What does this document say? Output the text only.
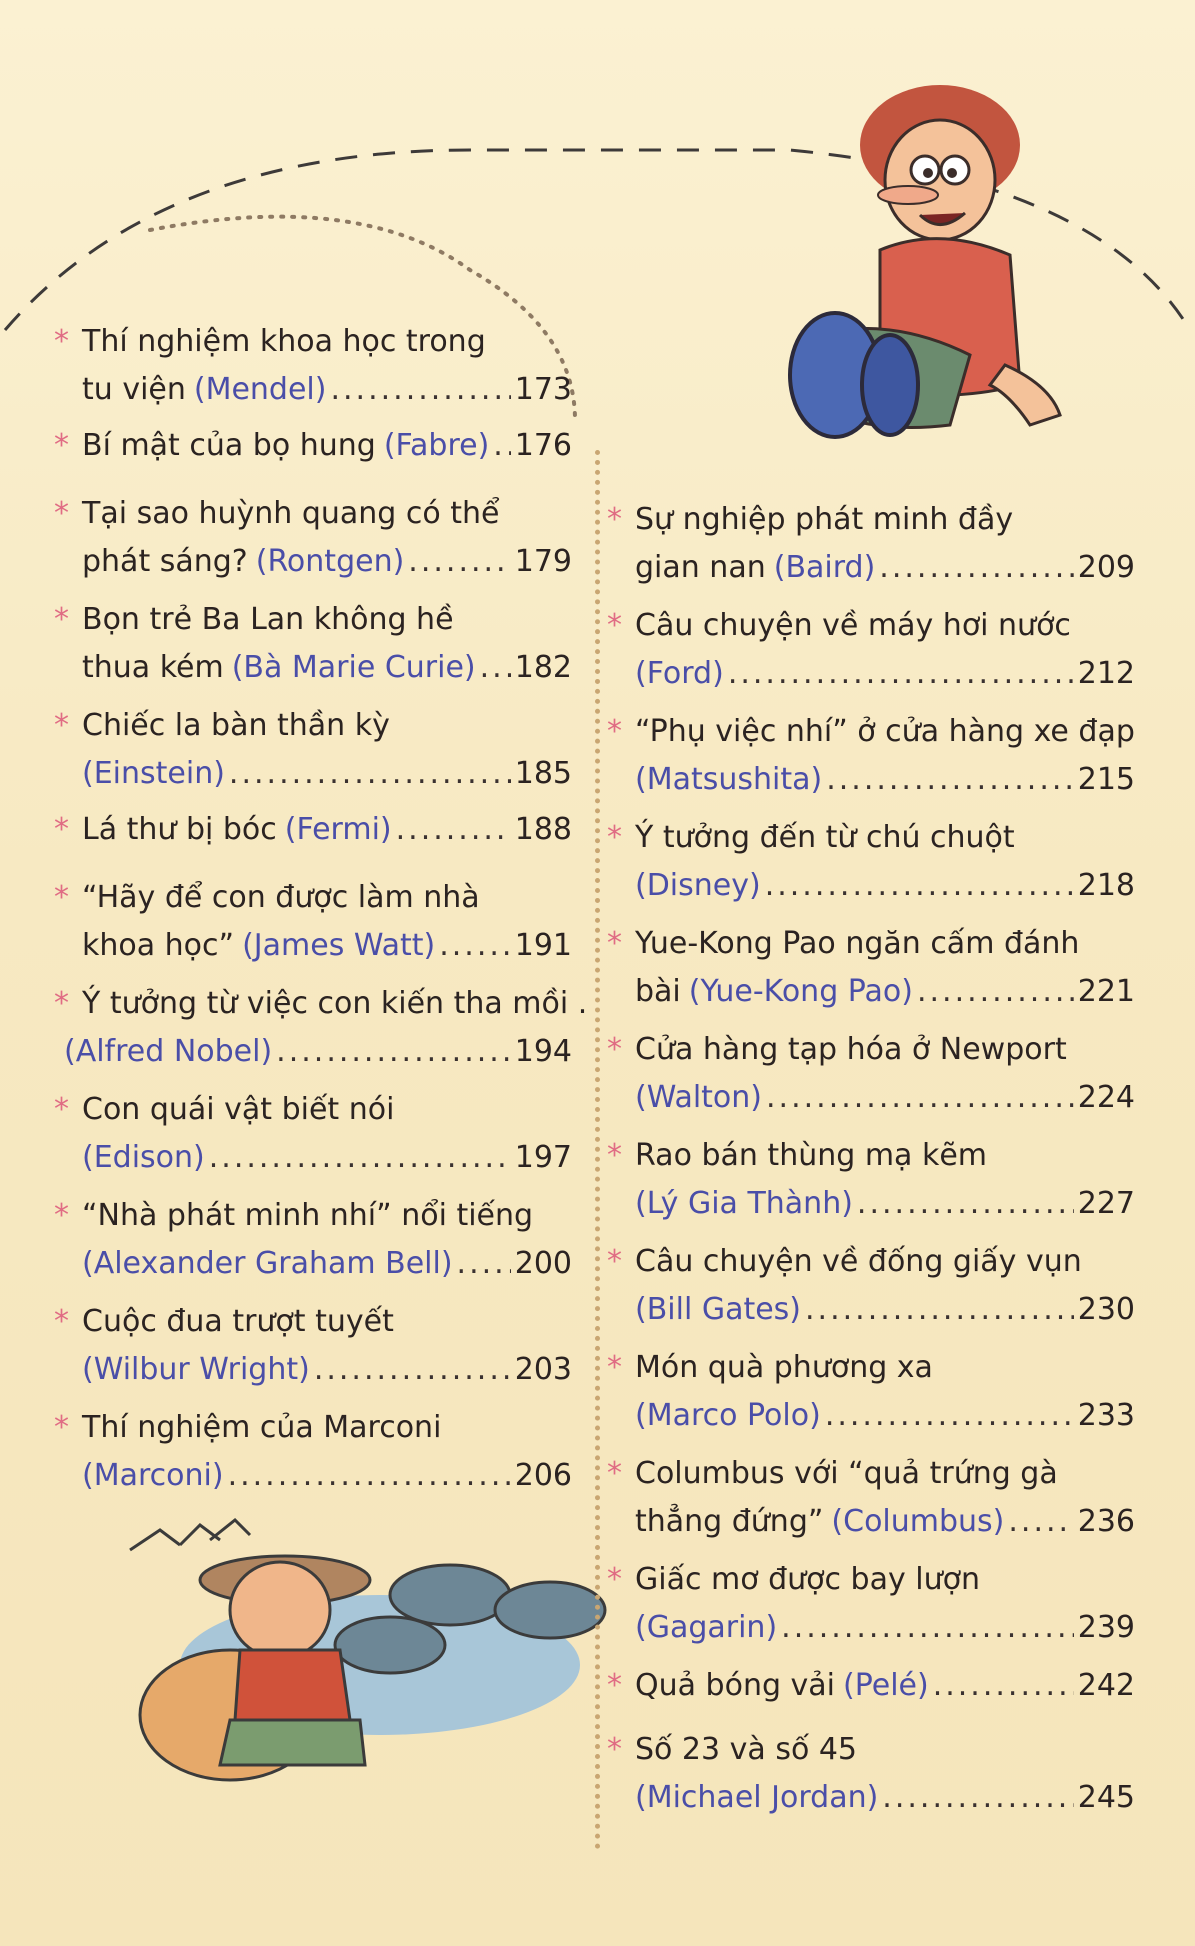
* Thí nghiệm khoa học trong
tu viện (Mendel) .....	173
* Bí mật của bọ hung (Fabre) ..... 176
* Tại sao huỳnh quang có thể
phát sáng? (Rontgen) .....	179
* Bọn trẻ Ba Lan không hề
thua kém (Bà Marie Curie) ..... 182
* Chiếc la bàn thần kỳ
(Einstein) .....	185
* Lá thư bị bóc (Fermi) .....	188
* “Hãy để con được làm nhà
khoa học” (James Watt) .....	191
* Ý tưởng từ việc con kiến tha mồi .
(Alfred Nobel) .....	194
* Con quái vật biết nói
(Edison) .....	197
* “Nhà phát minh nhí” nổi tiếng
(Alexander Graham Bell) ..... 200
* Cuộc đua trượt tuyết
(Wilbur Wright) .....	203
* Thí nghiệm của Marconi
(Marconi) .....	206
* Sự nghiệp phát minh đầy
gian nan (Baird) .....	209
* Câu chuyện về máy hơi nước
(Ford) .....	212
* “Phụ việc nhí” ở cửa hàng xe đạp
(Matsushita) .....	215
* Ý tưởng đến từ chú chuột
(Disney) .....	218
* Yue-Kong Pao ngăn cấm đánh
bài (Yue-Kong Pao) .....	221
* Cửa hàng tạp hóa ở Newport
(Walton) .....	224
* Rao bán thùng mạ kẽm
(Lý Gia Thành) .....	227
* Câu chuyện về đống giấy vụn
(Bill Gates) .....	230
* Món quà phương xa
(Marco Polo) .....	233
* Columbus với “quả trứng gà
thẳng đứng” (Columbus) ..... 236
* Giấc mơ được bay lượn
(Gagarin) .....	239
* Quả bóng vải (Pelé) .....	242
* Số 23 và số 45
(Michael Jordan) .....	245
